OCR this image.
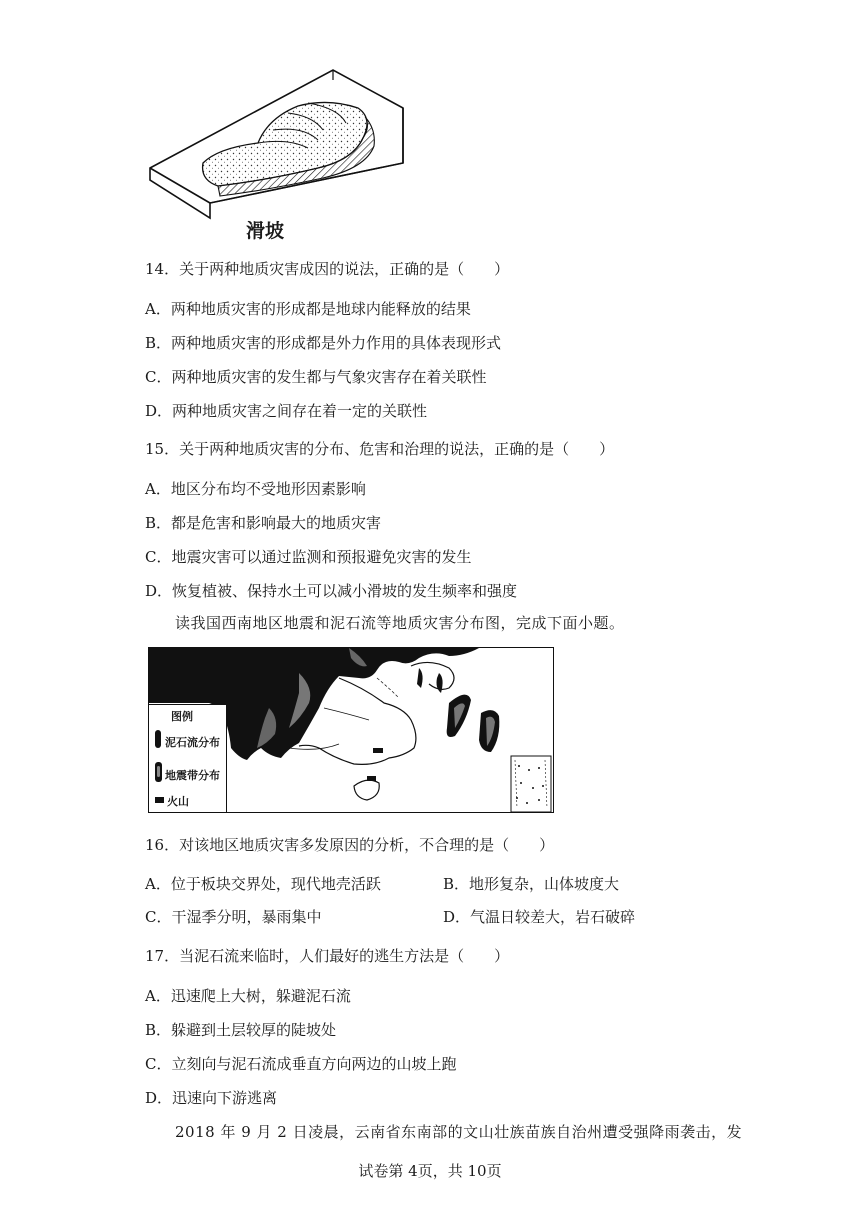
滑坡
14．关于两种地质灾害成因的说法，正确的是（　　）
A．两种地质灾害的形成都是地球内能释放的结果
B．两种地质灾害的形成都是外力作用的具体表现形式
C．两种地质灾害的发生都与气象灾害存在着关联性
D．两种地质灾害之间存在着一定的关联性
15．关于两种地质灾害的分布、危害和治理的说法，正确的是（　　）
A．地区分布均不受地形因素影响
B．都是危害和影响最大的地质灾害
C．地震灾害可以通过监测和预报避免灾害的发生
D．恢复植被、保持水土可以减小滑坡的发生频率和强度
读我国西南地区地震和泥石流等地质灾害分布图，完成下面小题。
图例
泥石流分布
地震带分布
火山
16．对该地区地质灾害多发原因的分析，不合理的是（　　）
A．位于板块交界处，现代地壳活跃	B．地形复杂，山体坡度大
C．干湿季分明，暴雨集中	D．气温日较差大，岩石破碎
17．当泥石流来临时，人们最好的逃生方法是（　　）
A．迅速爬上大树，躲避泥石流
B．躲避到土层较厚的陡坡处
C．立刻向与泥石流成垂直方向两边的山坡上跑
D．迅速向下游逃离
2018 年 9 月 2 日凌晨，云南省东南部的文山壮族苗族自治州遭受强降雨袭击，发
试卷第 4页，共 10页
